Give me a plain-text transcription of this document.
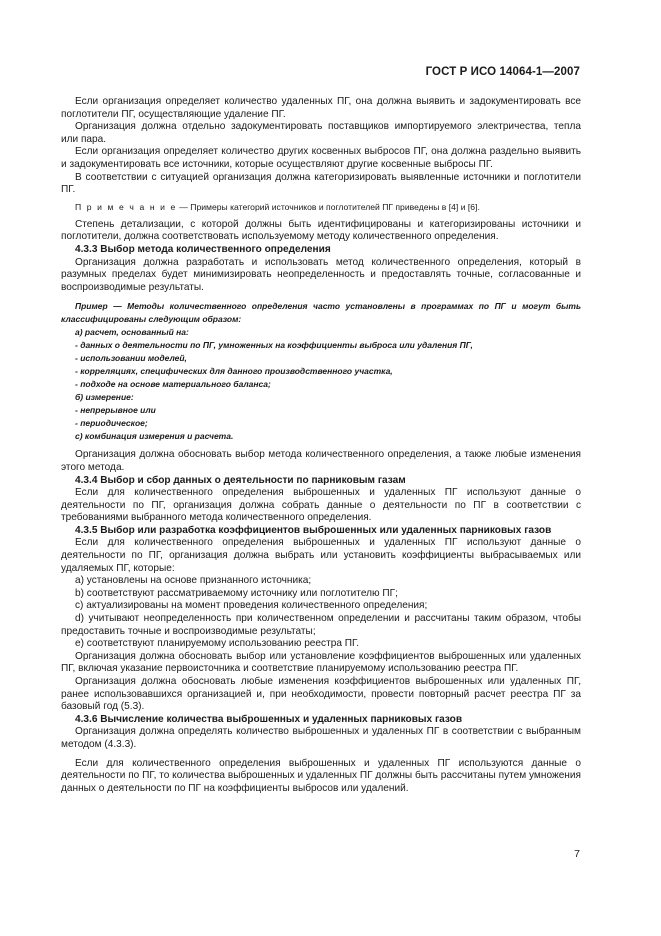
ГОСТ Р ИСО 14064-1—2007

Если организация определяет количество удаленных ПГ, она должна выявить и задокументировать все поглотители ПГ, осуществляющие удаление ПГ.

Организация должна отдельно задокументировать поставщиков импортируемого электричества, тепла или пара.

Если организация определяет количество других косвенных выбросов ПГ, она должна раздельно выявить и задокументировать все источники, которые осуществляют другие косвенные выбросы ПГ.

В соответствии с ситуацией организация должна категоризировать выявленные источники и поглотители ПГ.

П р и м е ч а н и е — Примеры категорий источников и поглотителей ПГ приведены в [4] и [6].

Степень детализации, с которой должны быть идентифицированы и категоризированы источники и поглотители, должна соответствовать используемому методу количественного определения.

4.3.3 Выбор метода количественного определения

Организация должна разработать и использовать метод количественного определения, который в разумных пределах будет минимизировать неопределенность и предоставлять точные, согласованные и воспроизводимые результаты.

Пример — Методы количественного определения часто установлены в программах по ПГ и могут быть классифицированы следующим образом:

а) расчет, основанный на:

- данных о деятельности по ПГ, умноженных на коэффициенты выброса или удаления ПГ,

- использовании моделей,

- корреляциях, специфических для данного производственного участка,

- подходе на основе материального баланса;

б) измерение:

- непрерывное или

- периодическое;

с) комбинация измерения и расчета.

Организация должна обосновать выбор метода количественного определения, а также любые изменения этого метода.

4.3.4 Выбор и сбор данных о деятельности по парниковым газам

Если для количественного определения выброшенных и удаленных ПГ используют данные о деятельности по ПГ, организация должна собрать данные о деятельности по ПГ в соответствии с требованиями выбранного метода количественного определения.

4.3.5 Выбор или разработка коэффициентов выброшенных или удаленных парниковых газов

Если для количественного определения выброшенных и удаленных ПГ используют данные о деятельности по ПГ, организация должна выбрать или установить коэффициенты выбрасываемых или удаляемых ПГ, которые:

а) установлены на основе признанного источника;

b) соответствуют рассматриваемому источнику или поглотителю ПГ;

с) актуализированы на момент проведения количественного определения;

d) учитывают неопределенность при количественном определении и рассчитаны таким образом, чтобы предоставить точные и воспроизводимые результаты;

е) соответствуют планируемому использованию реестра ПГ.

Организация должна обосновать выбор или установление коэффициентов выброшенных или удаленных ПГ, включая указание первоисточника и соответствие планируемому использованию реестра ПГ.

Организация должна обосновать любые изменения коэффициентов выброшенных или удаленных ПГ, ранее использовавшихся организацией и, при необходимости, провести повторный расчет реестра ПГ за базовый год (5.3).

4.3.6 Вычисление количества выброшенных и удаленных парниковых газов

Организация должна определять количество выброшенных и удаленных ПГ в соответствии с выбранным методом (4.3.3).

Если для количественного определения выброшенных и удаленных ПГ используются данные о деятельности по ПГ, то количества выброшенных и удаленных ПГ должны быть рассчитаны путем умножения данных о деятельности по ПГ на коэффициенты выбросов или удалений.

7
